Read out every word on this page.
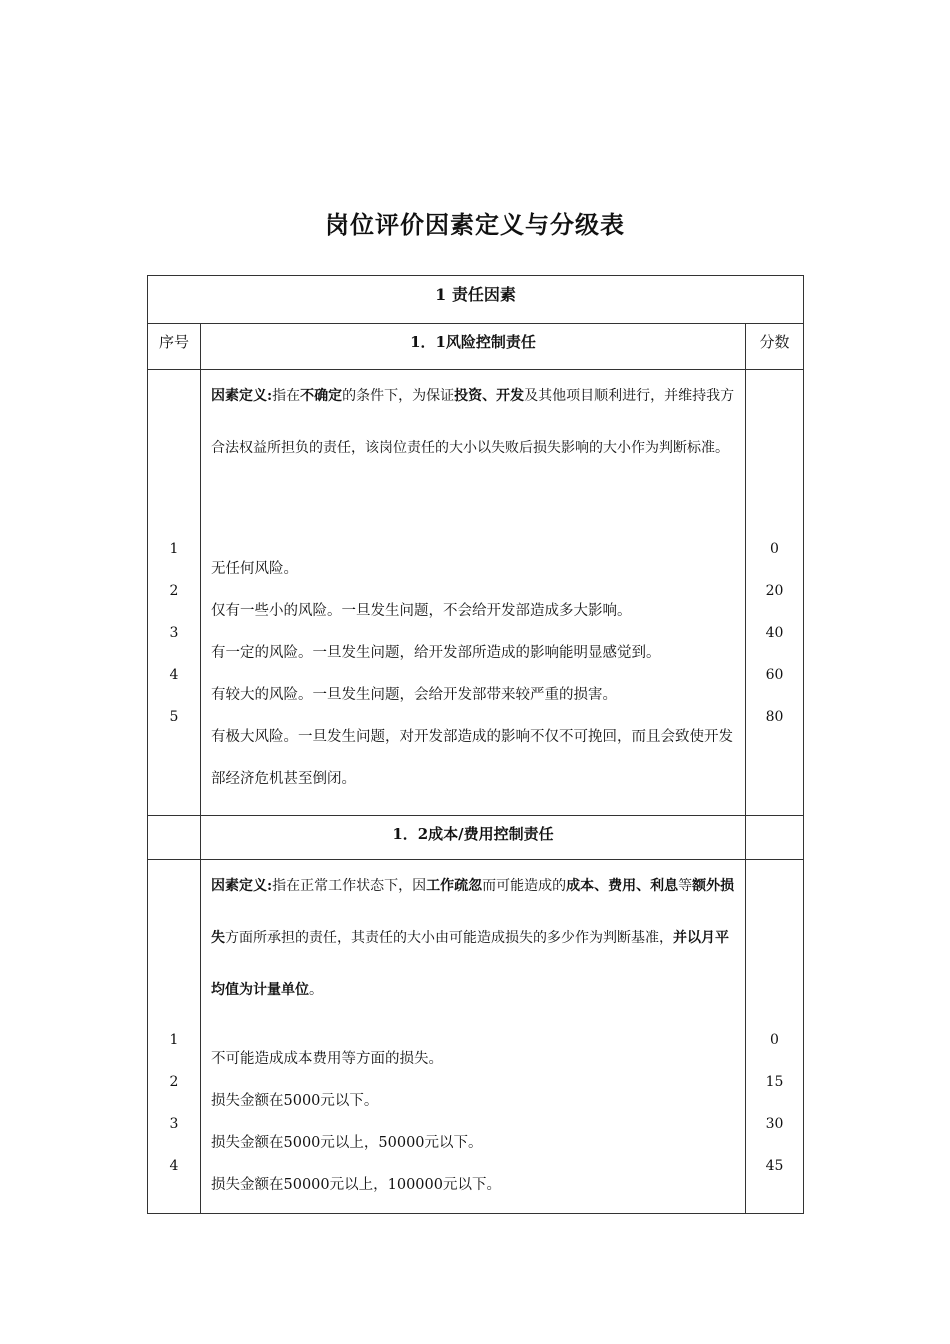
岗位评价因素定义与分级表
1 责任因素
序号	1．1风险控制责任	分数
1
2
3
4
5
因素定义:指在不确定的条件下，为保证投资、开发及其他项目顺利进行，并维持我方合法权益所担负的责任，该岗位责任的大小以失败后损失影响的大小作为判断标准。
无任何风险。
仅有一些小的风险。一旦发生问题，不会给开发部造成多大影响。
有一定的风险。一旦发生问题，给开发部所造成的影响能明显感觉到。
有较大的风险。一旦发生问题，会给开发部带来较严重的损害。
有极大风险。一旦发生问题，对开发部造成的影响不仅不可挽回，而且会致使开发部经济危机甚至倒闭。
0
20
40
60
80
1．2成本/费用控制责任
1
2
3
4
因素定义:指在正常工作状态下，因工作疏忽而可能造成的成本、费用、利息等额外损失方面所承担的责任，其责任的大小由可能造成损失的多少作为判断基准，并以月平均值为计量单位。
不可能造成成本费用等方面的损失。
损失金额在5000元以下。
损失金额在5000元以上，50000元以下。
损失金额在50000元以上，100000元以下。
0
15
30
45
